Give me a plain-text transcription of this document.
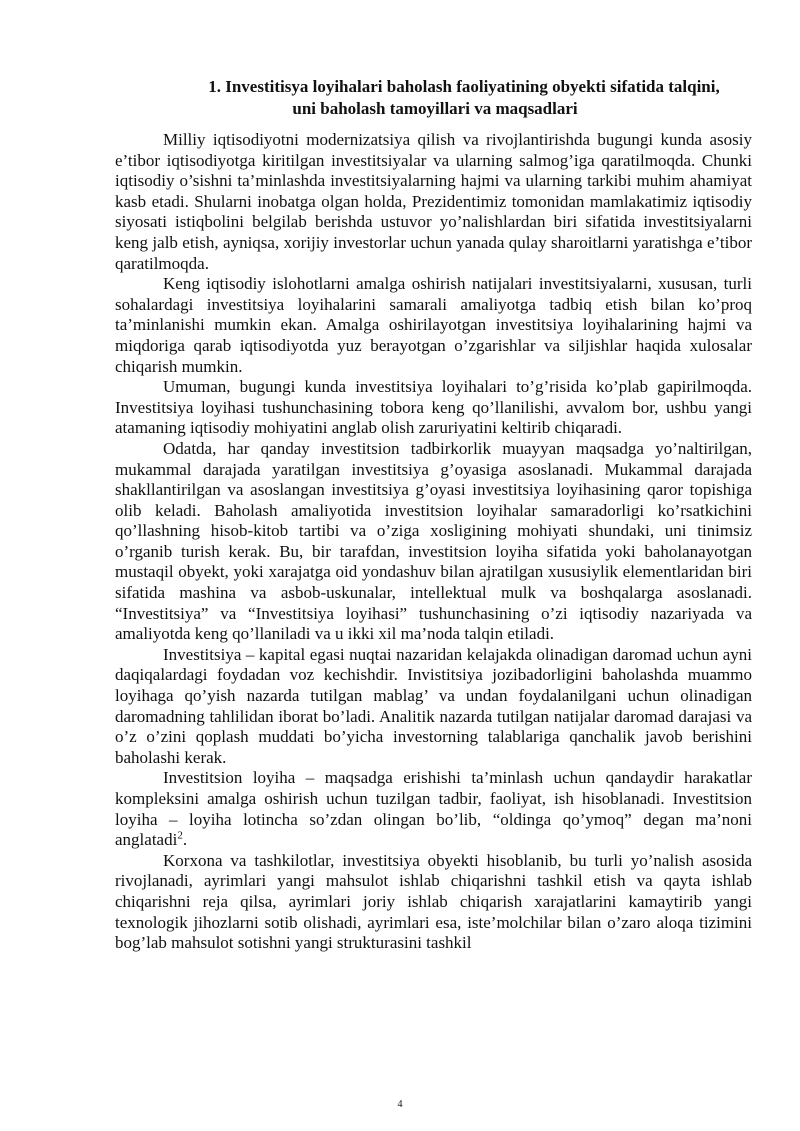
1. Investitisya loyihalari baholash faoliyatining obyekti sifatida talqini,
uni baholash tamoyillari va maqsadlari

Milliy iqtisodiyotni modernizatsiya qilish va rivojlantirishda bugungi kunda asosiy e’tibor iqtisodiyotga kiritilgan investitsiyalar va ularning salmog’iga qaratilmoqda. Chunki iqtisodiy o’sishni ta’minlashda investitsiyalarning hajmi va ularning tarkibi muhim ahamiyat kasb etadi. Shularni inobatga olgan holda, Prezidentimiz tomonidan mamlakatimiz iqtisodiy siyosati istiqbolini belgilab berishda ustuvor yo’nalishlardan biri sifatida investitsiyalarni keng jalb etish, ayniqsa, xorijiy investorlar uchun yanada qulay sharoitlarni yaratishga e’tibor qaratilmoqda.

Keng iqtisodiy islohotlarni amalga oshirish natijalari investitsiyalarni, xususan, turli sohalardagi investitsiya loyihalarini samarali amaliyotga tadbiq etish bilan ko’proq ta’minlanishi mumkin ekan. Amalga oshirilayotgan investitsiya loyihalarining hajmi va miqdoriga qarab iqtisodiyotda yuz berayotgan o’zgarishlar va siljishlar haqida xulosalar chiqarish mumkin.

Umuman, bugungi kunda investitsiya loyihalari to’g’risida ko’plab gapirilmoqda. Investitsiya loyihasi tushunchasining tobora keng qo’llanilishi, avvalom bor, ushbu yangi atamaning iqtisodiy mohiyatini anglab olish zaruriyatini keltirib chiqaradi.

Odatda, har qanday investitsion tadbirkorlik muayyan maqsadga yo’naltirilgan, mukammal darajada yaratilgan investitsiya g’oyasiga asoslanadi. Mukammal darajada shakllantirilgan va asoslangan investitsiya g’oyasi investitsiya loyihasining qaror topishiga olib keladi. Baholash amaliyotida investitsion loyihalar samaradorligi ko’rsatkichini qo’llashning hisob-kitob tartibi va o’ziga xosligining mohiyati shundaki, uni tinimsiz o’rganib turish kerak. Bu, bir tarafdan, investitsion loyiha sifatida yoki baholanayotgan mustaqil obyekt, yoki xarajatga oid yondashuv bilan ajratilgan xususiylik elementlaridan biri sifatida mashina va asbob-uskunalar, intellektual mulk va boshqalarga asoslanadi. “Investitsiya” va “Investitsiya loyihasi” tushunchasining o’zi iqtisodiy nazariyada va amaliyotda keng qo’llaniladi va u ikki xil ma’noda talqin etiladi.

Investitsiya – kapital egasi nuqtai nazaridan kelajakda olinadigan daromad uchun ayni daqiqalardagi foydadan voz kechishdir. Invistitsiya jozibadorligini baholashda muammo loyihaga qo’yish nazarda tutilgan mablag’ va undan foydalanilgani uchun olinadigan daromadning tahlilidan iborat bo’ladi. Analitik nazarda tutilgan natijalar daromad darajasi va o’z o’zini qoplash muddati bo’yicha investorning talablariga qanchalik javob berishini baholashi kerak.

Investitsion loyiha – maqsadga erishishi ta’minlash uchun qandaydir harakatlar kompleksini amalga oshirish uchun tuzilgan tadbir, faoliyat, ish hisoblanadi. Investitsion loyiha – loyiha lotincha so’zdan olingan bo’lib, “oldinga qo’ymoq” degan ma’noni anglatadi$^2$.

Korxona va tashkilotlar, investitsiya obyekti hisoblanib, bu turli yo’nalish asosida rivojlanadi, ayrimlari yangi mahsulot ishlab chiqarishni tashkil etish va qayta ishlab chiqarishni reja qilsa, ayrimlari joriy ishlab chiqarish xarajatlarini kamaytirib yangi texnologik jihozlarni sotib olishadi, ayrimlari esa, iste’molchilar bilan o’zaro aloqa tizimini bog’lab mahsulot sotishni yangi strukturasini tashkil

4
